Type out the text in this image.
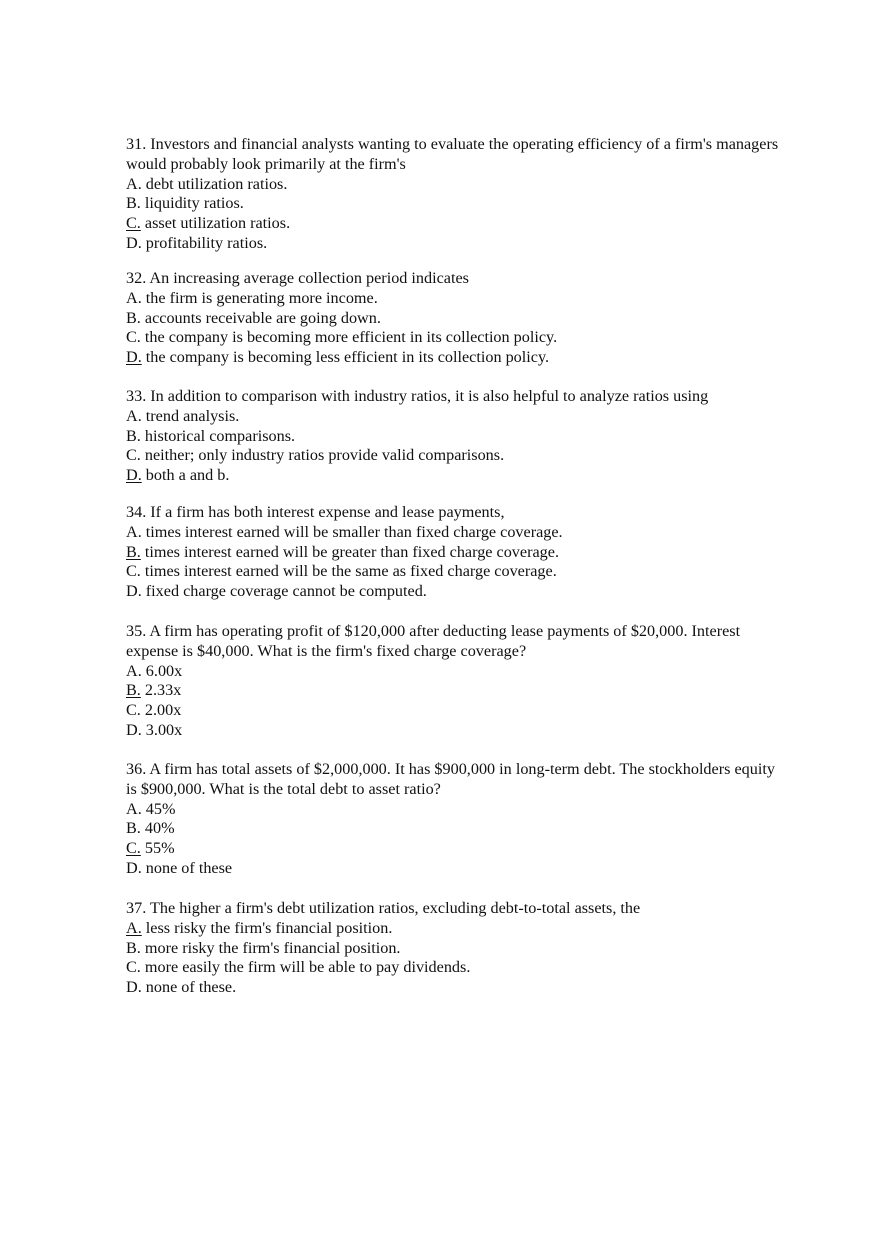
31. Investors and financial analysts wanting to evaluate the operating efficiency of a firm's managers would probably look primarily at the firm's

A. debt utilization ratios.

B. liquidity ratios.

C. asset utilization ratios.

D. profitability ratios.

32. An increasing average collection period indicates

A. the firm is generating more income.

B. accounts receivable are going down.

C. the company is becoming more efficient in its collection policy.

D. the company is becoming less efficient in its collection policy.

33. In addition to comparison with industry ratios, it is also helpful to analyze ratios using

A. trend analysis.

B. historical comparisons.

C. neither; only industry ratios provide valid comparisons.

D. both a and b.

34. If a firm has both interest expense and lease payments,

A. times interest earned will be smaller than fixed charge coverage.

B. times interest earned will be greater than fixed charge coverage.

C. times interest earned will be the same as fixed charge coverage.

D. fixed charge coverage cannot be computed.

35. A firm has operating profit of $120,000 after deducting lease payments of $20,000. Interest expense is $40,000. What is the firm's fixed charge coverage?

A. 6.00x

B. 2.33x

C. 2.00x

D. 3.00x

36. A firm has total assets of $2,000,000. It has $900,000 in long-term debt. The stockholders equity is $900,000. What is the total debt to asset ratio?

A. 45%

B. 40%

C. 55%

D. none of these

37. The higher a firm's debt utilization ratios, excluding debt-to-total assets, the

A. less risky the firm's financial position.

B. more risky the firm's financial position.

C. more easily the firm will be able to pay dividends.

D. none of these.
